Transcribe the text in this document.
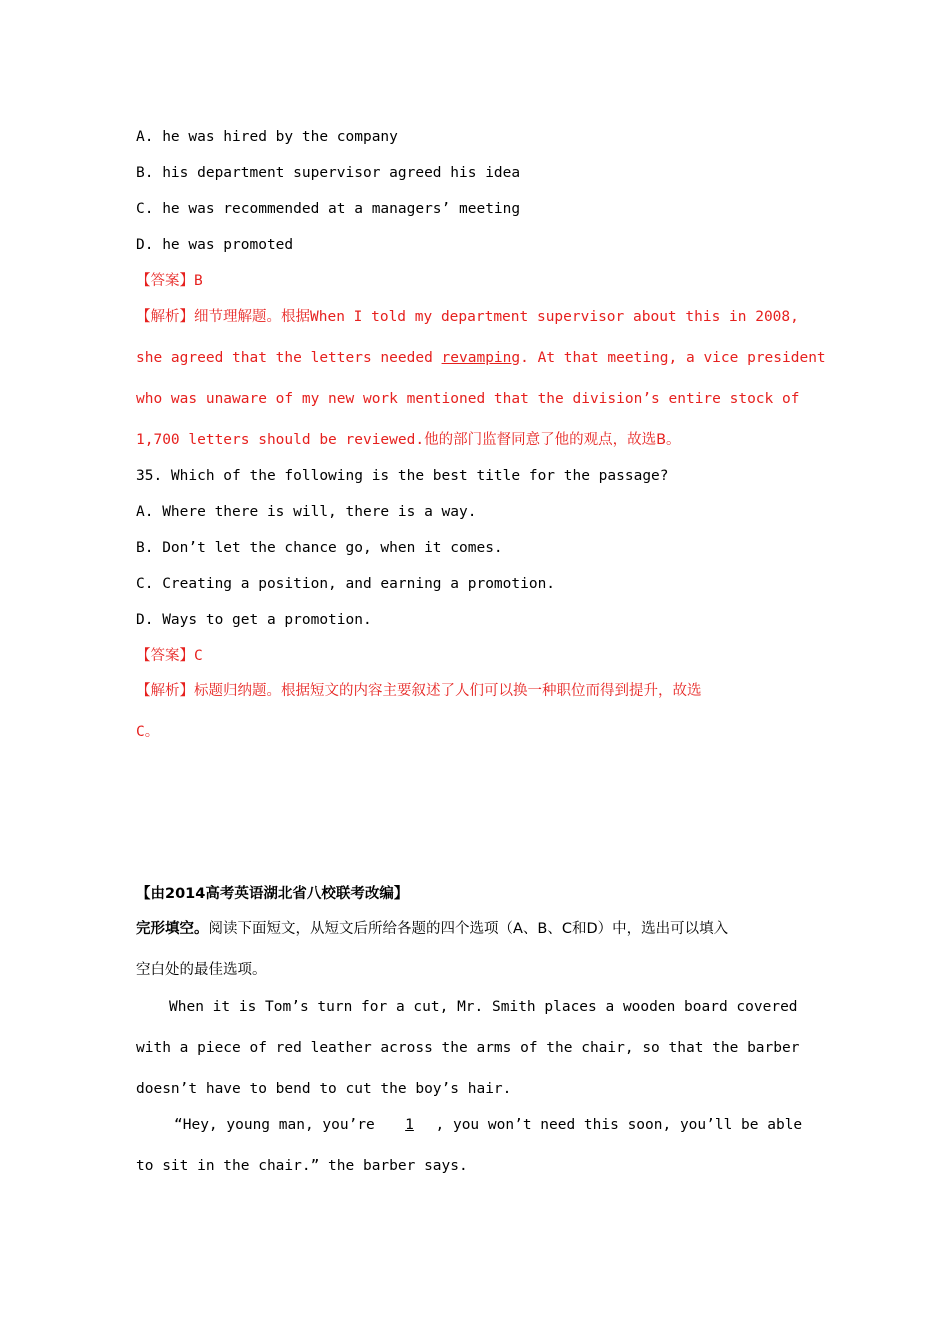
A. he was hired by the company
B. his department supervisor agreed his idea
C. he was recommended at a managers’ meeting
D. he was promoted
【答案】B
【解析】细节理解题。根据When I told my department supervisor about this in 2008,
she agreed that the letters needed revamping. At that meeting, a vice president
who was unaware of my new work mentioned that the division’s entire stock of
1,700 letters should be reviewed.他的部门监督同意了他的观点，故选B。
35. Which of the following is the best title for the passage?
A. Where there is will, there is a way.
B. Don’t let the chance go, when it comes.
C. Creating a position, and earning a promotion.
D. Ways to get a promotion.
【答案】C
【解析】标题归纳题。根据短文的内容主要叙述了人们可以换一种职位而得到提升，故选
C。
【由2014高考英语湖北省八校联考改编】
完形填空。阅读下面短文，从短文后所给各题的四个选项（A、B、C和D）中，选出可以填入
空白处的最佳选项。
When it is Tom’s turn for a cut, Mr. Smith places a wooden board covered
with a piece of red leather across the arms of the chair, so that the barber
doesn’t have to bend to cut the boy’s hair.
“Hey, young man, you’re 1 , you won’t need this soon, you’ll be able
to sit in the chair.” the barber says.
